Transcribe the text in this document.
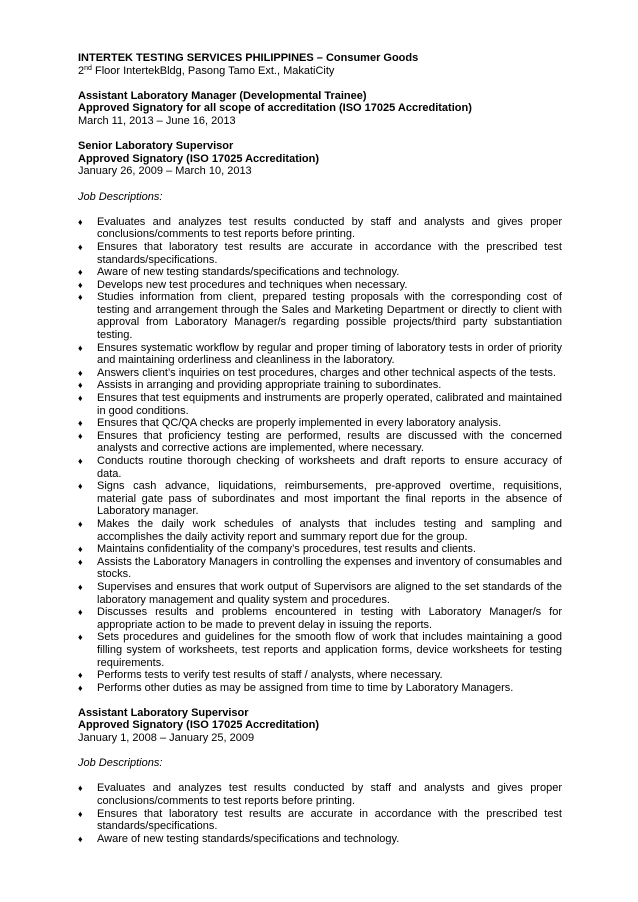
INTERTEK TESTING SERVICES PHILIPPINES – Consumer Goods

2nd Floor IntertekBldg, Pasong Tamo Ext., MakatiCity

Assistant Laboratory Manager (Developmental Trainee)

Approved Signatory for all scope of accreditation (ISO 17025 Accreditation)

March 11, 2013 – June 16, 2013

Senior Laboratory Supervisor

Approved Signatory (ISO 17025 Accreditation)

January 26, 2009 – March 10, 2013

Job Descriptions:

♦ Evaluates and analyzes test results conducted by staff and analysts and gives proper conclusions/comments to test reports before printing.
♦ Ensures that laboratory test results are accurate in accordance with the prescribed test standards/specifications.
♦ Aware of new testing standards/specifications and technology.
♦ Develops new test procedures and techniques when necessary.
♦ Studies information from client, prepared testing proposals with the corresponding cost of testing and arrangement through the Sales and Marketing Department or directly to client with approval from Laboratory Manager/s regarding possible projects/third party substantiation testing.
♦ Ensures systematic workflow by regular and proper timing of laboratory tests in order of priority and maintaining orderliness and cleanliness in the laboratory.
♦ Answers client’s inquiries on test procedures, charges and other technical aspects of the tests.
♦ Assists in arranging and providing appropriate training to subordinates.
♦ Ensures that test equipments and instruments are properly operated, calibrated and maintained in good conditions.
♦ Ensures that QC/QA checks are properly implemented in every laboratory analysis.
♦ Ensures that proficiency testing are performed, results are discussed with the concerned analysts and corrective actions are implemented, where necessary.
♦ Conducts routine thorough checking of worksheets and draft reports to ensure accuracy of data.
♦ Signs cash advance, liquidations, reimbursements, pre-approved overtime, requisitions, material gate pass of subordinates and most important the final reports in the absence of Laboratory manager.
♦ Makes the daily work schedules of analysts that includes testing and sampling and accomplishes the daily activity report and summary report due for the group.
♦ Maintains confidentiality of the company’s procedures, test results and clients.
♦ Assists the Laboratory Managers in controlling the expenses and inventory of consumables and stocks.
♦ Supervises and ensures that work output of Supervisors are aligned to the set standards of the laboratory management and quality system and procedures.
♦ Discusses results and problems encountered in testing with Laboratory Manager/s for appropriate action to be made to prevent delay in issuing the reports.
♦ Sets procedures and guidelines for the smooth flow of work that includes maintaining a good filling system of worksheets, test reports and application forms, device worksheets for testing requirements.
♦ Performs tests to verify test results of staff / analysts, where necessary.
♦ Performs other duties as may be assigned from time to time by Laboratory Managers.

Assistant Laboratory Supervisor

Approved Signatory (ISO 17025 Accreditation)

January 1, 2008 – January 25, 2009

Job Descriptions:

♦ Evaluates and analyzes test results conducted by staff and analysts and gives proper conclusions/comments to test reports before printing.
♦ Ensures that laboratory test results are accurate in accordance with the prescribed test standards/specifications.
♦ Aware of new testing standards/specifications and technology.
